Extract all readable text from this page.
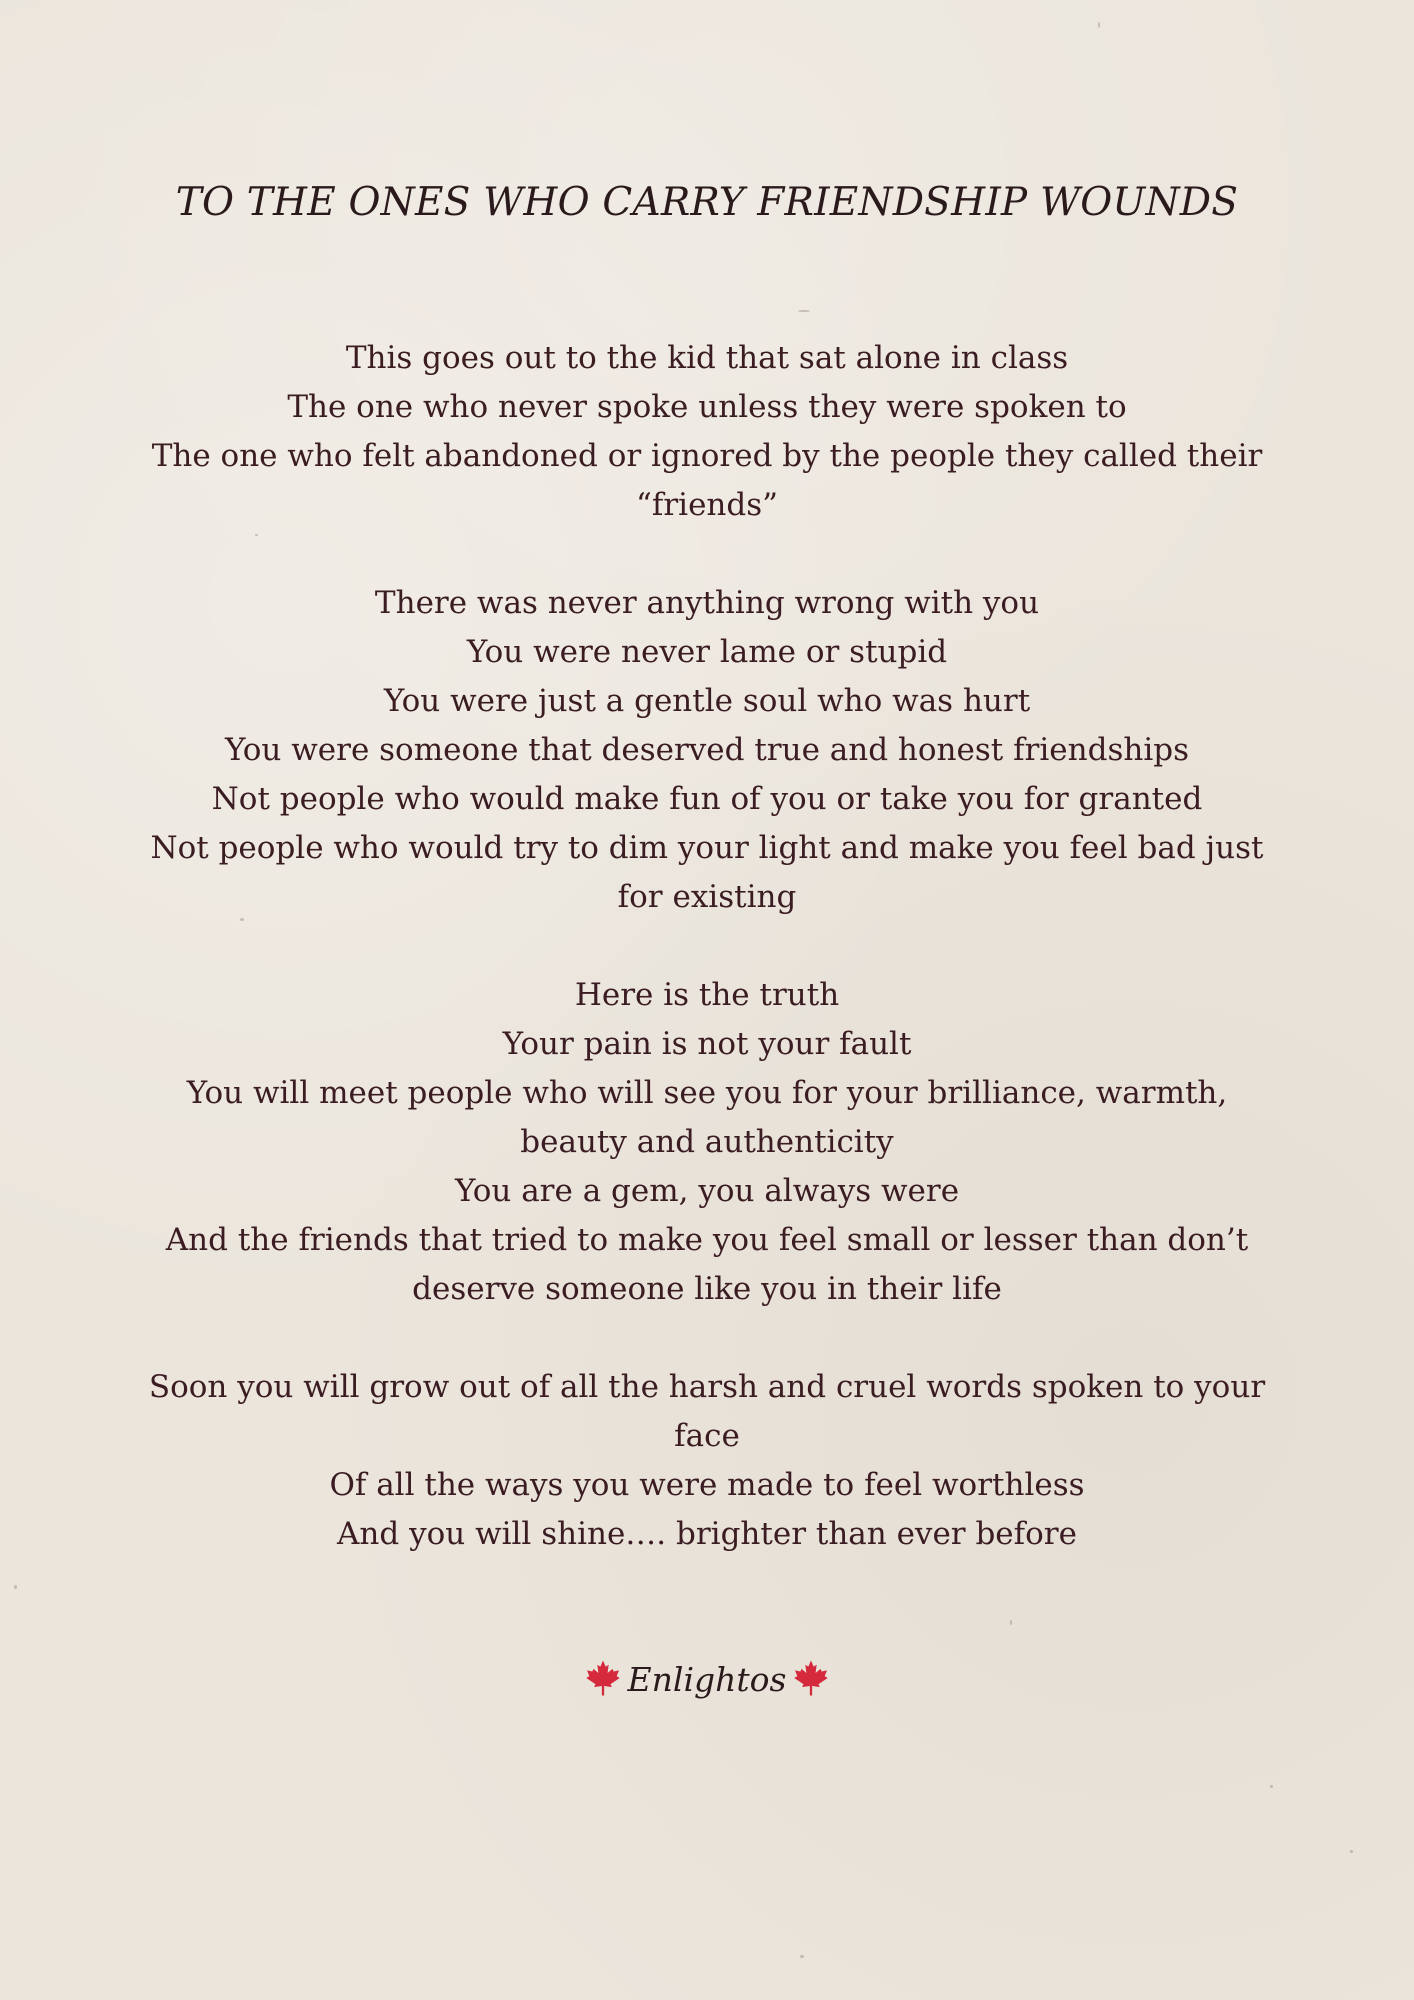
TO THE ONES WHO CARRY FRIENDSHIP WOUNDS

This goes out to the kid that sat alone in class
The one who never spoke unless they were spoken to
The one who felt abandoned or ignored by the people they called their
“friends”

There was never anything wrong with you
You were never lame or stupid
You were just a gentle soul who was hurt
You were someone that deserved true and honest friendships
Not people who would make fun of you or take you for granted
Not people who would try to dim your light and make you feel bad just
for existing

Here is the truth
Your pain is not your fault
You will meet people who will see you for your brilliance, warmth,
beauty and authenticity
You are a gem, you always were
And the friends that tried to make you feel small or lesser than don’t
deserve someone like you in their life

Soon you will grow out of all the harsh and cruel words spoken to your
face
Of all the ways you were made to feel worthless
And you will shine…. brighter than ever before

Enlightos
